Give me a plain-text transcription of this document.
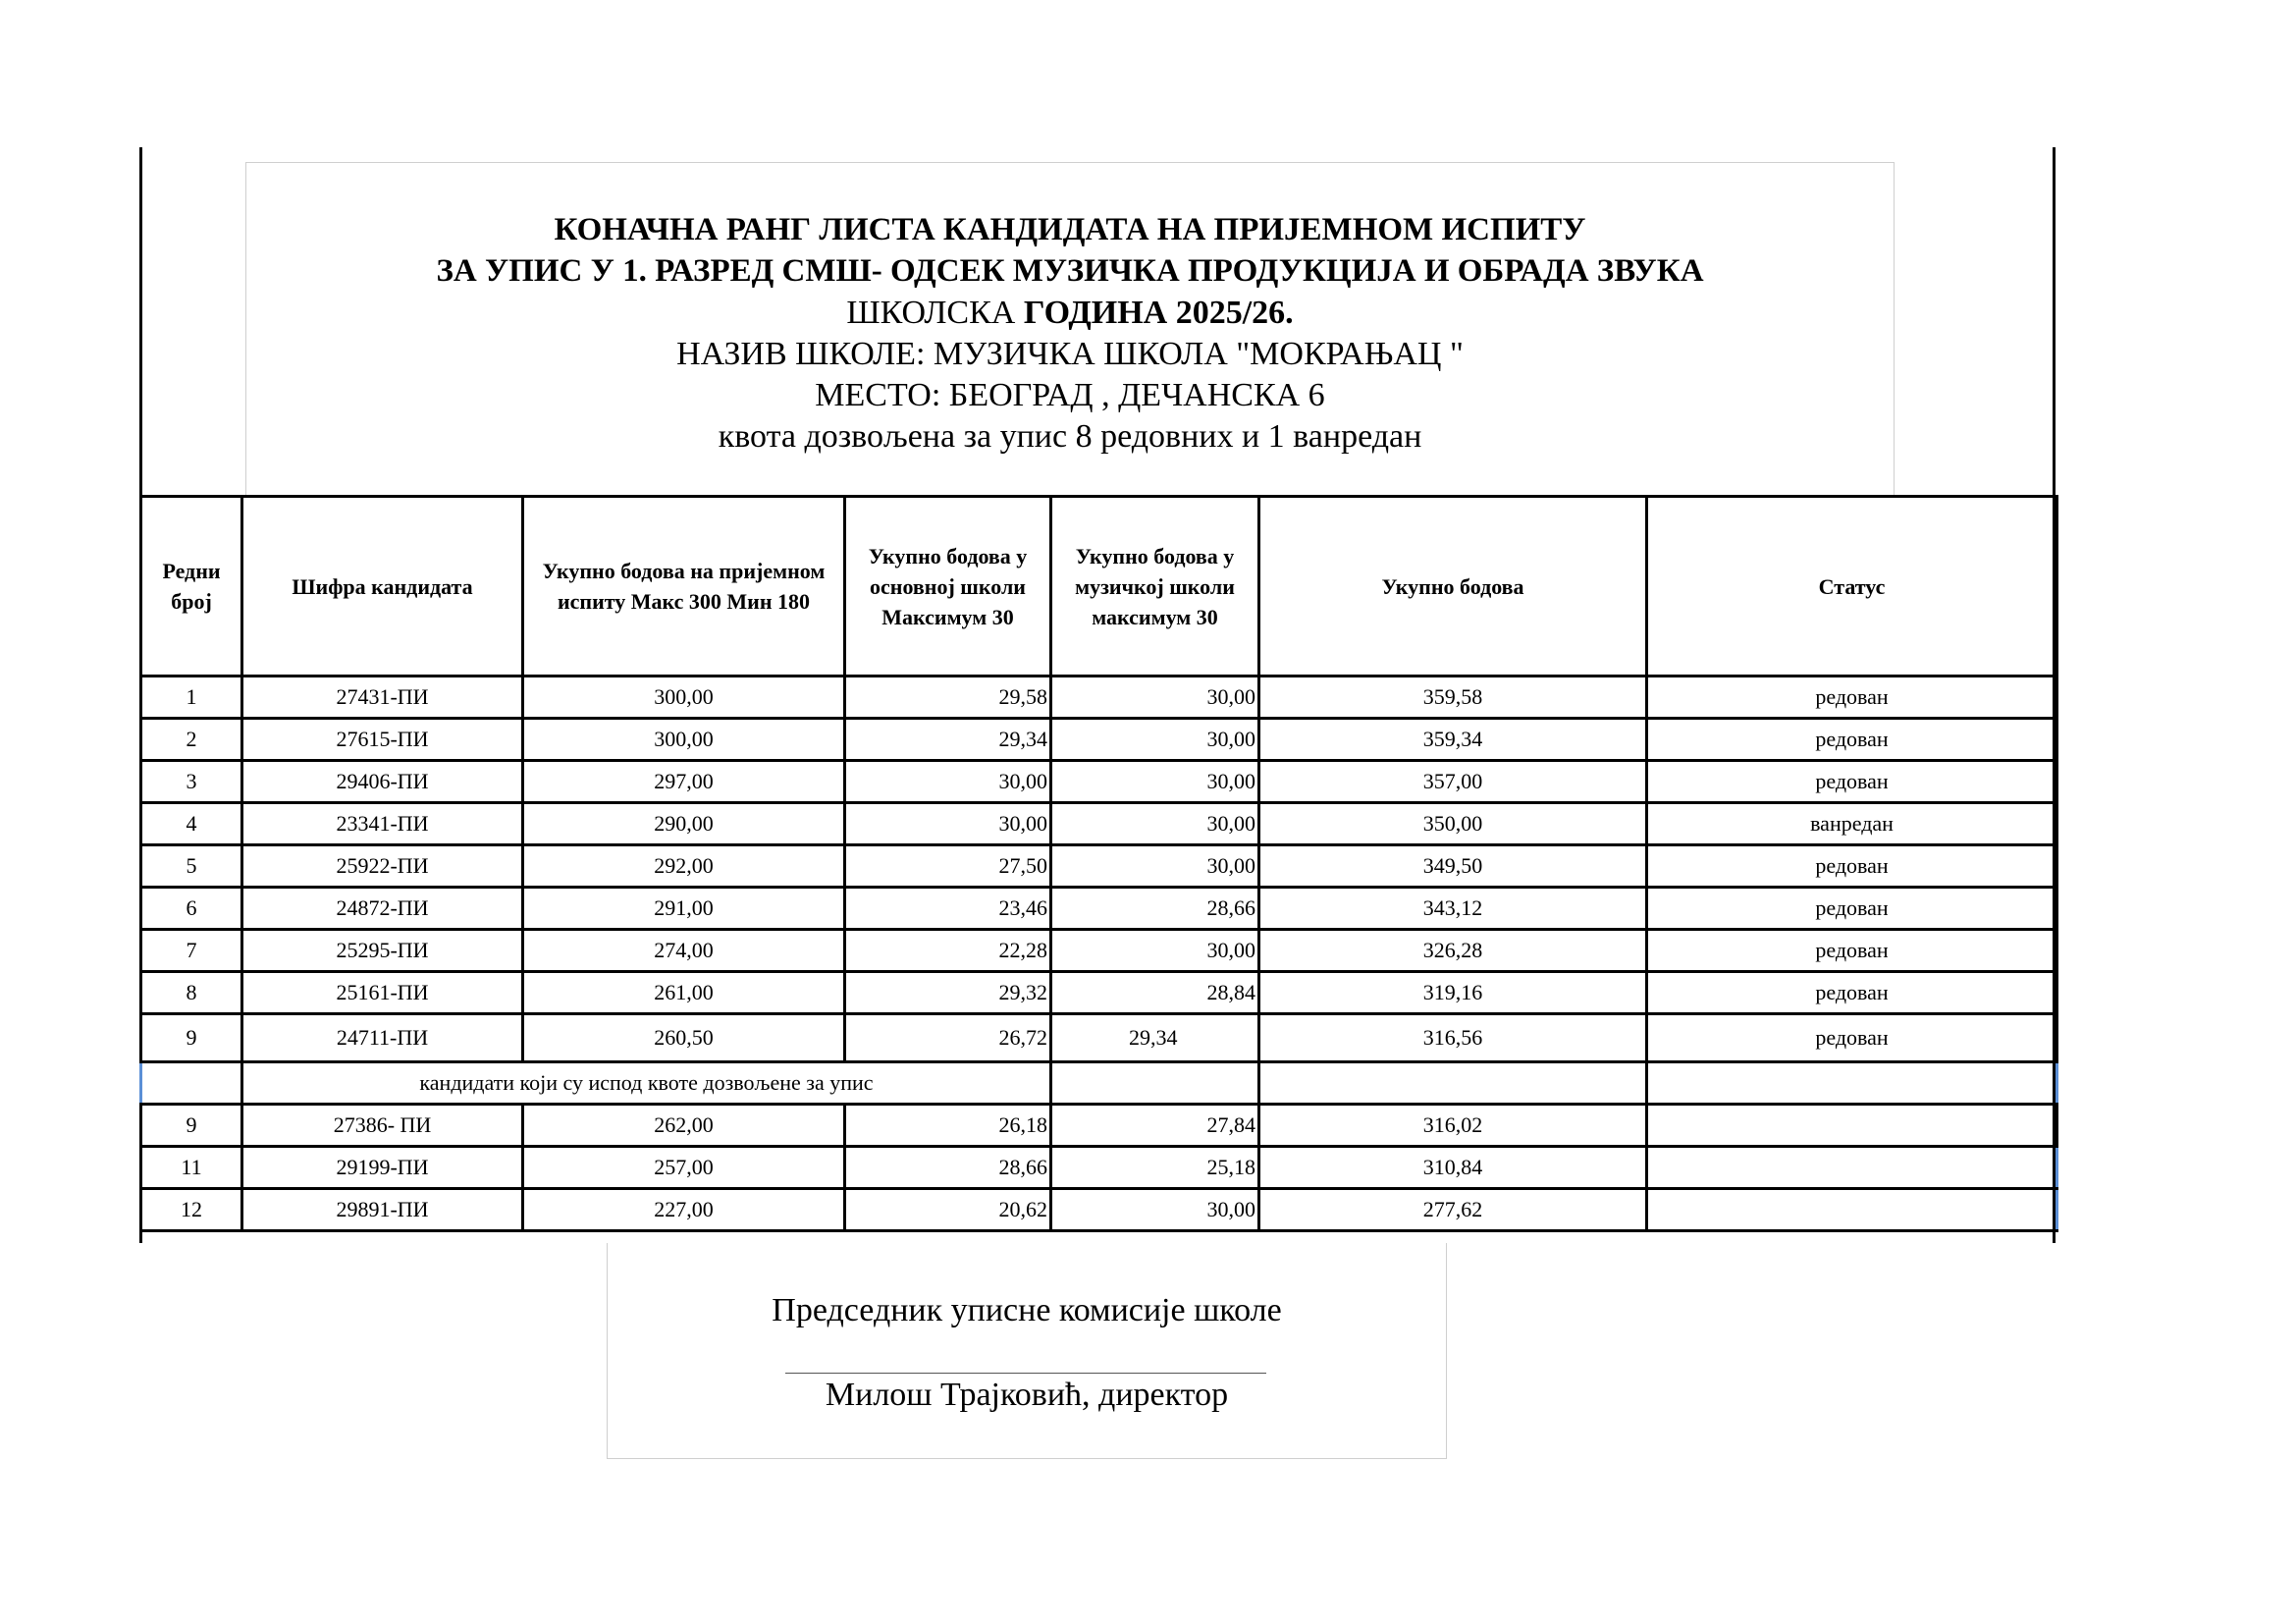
КОНАЧНА РАНГ ЛИСТА КАНДИДАТА НА ПРИЈЕМНОМ ИСПИТУ
ЗА УПИС У 1. РАЗРЕД СМШ- ОДСЕК МУЗИЧКА ПРОДУКЦИЈА И ОБРАДА ЗВУКА
ШКОЛСКА ГОДИНА 2025/26.
НАЗИВ ШКОЛЕ: МУЗИЧКА ШКОЛА "МОКРАЊАЦ "
МЕСТО: БЕОГРАД , ДЕЧАНСКА 6
квота дозвољена за упис 8 редовних и 1 ванредан
Редни број	Шифра кандидата	Укупно бодова на пријемном испиту Макс 300 Мин 180	Укупно бодова у основној школи Максимум 30	Укупно бодова у музичкој школи максимум 30	Укупно бодова	Статус
1	27431-ПИ	300,00	29,58	30,00	359,58	редован
2	27615-ПИ	300,00	29,34	30,00	359,34	редован
3	29406-ПИ	297,00	30,00	30,00	357,00	редован
4	23341-ПИ	290,00	30,00	30,00	350,00	ванредан
5	25922-ПИ	292,00	27,50	30,00	349,50	редован
6	24872-ПИ	291,00	23,46	28,66	343,12	редован
7	25295-ПИ	274,00	22,28	30,00	326,28	редован
8	25161-ПИ	261,00	29,32	28,84	319,16	редован
9	24711-ПИ	260,50	26,72	29,34	316,56	редован
	кандидати који су испод квоте дозвољене за упис					
9	27386- ПИ	262,00	26,18	27,84	316,02	
11	29199-ПИ	257,00	28,66	25,18	310,84	
12	29891-ПИ	227,00	20,62	30,00	277,62	
Председник уписне комисије школе
Милош Трајковић, директор
